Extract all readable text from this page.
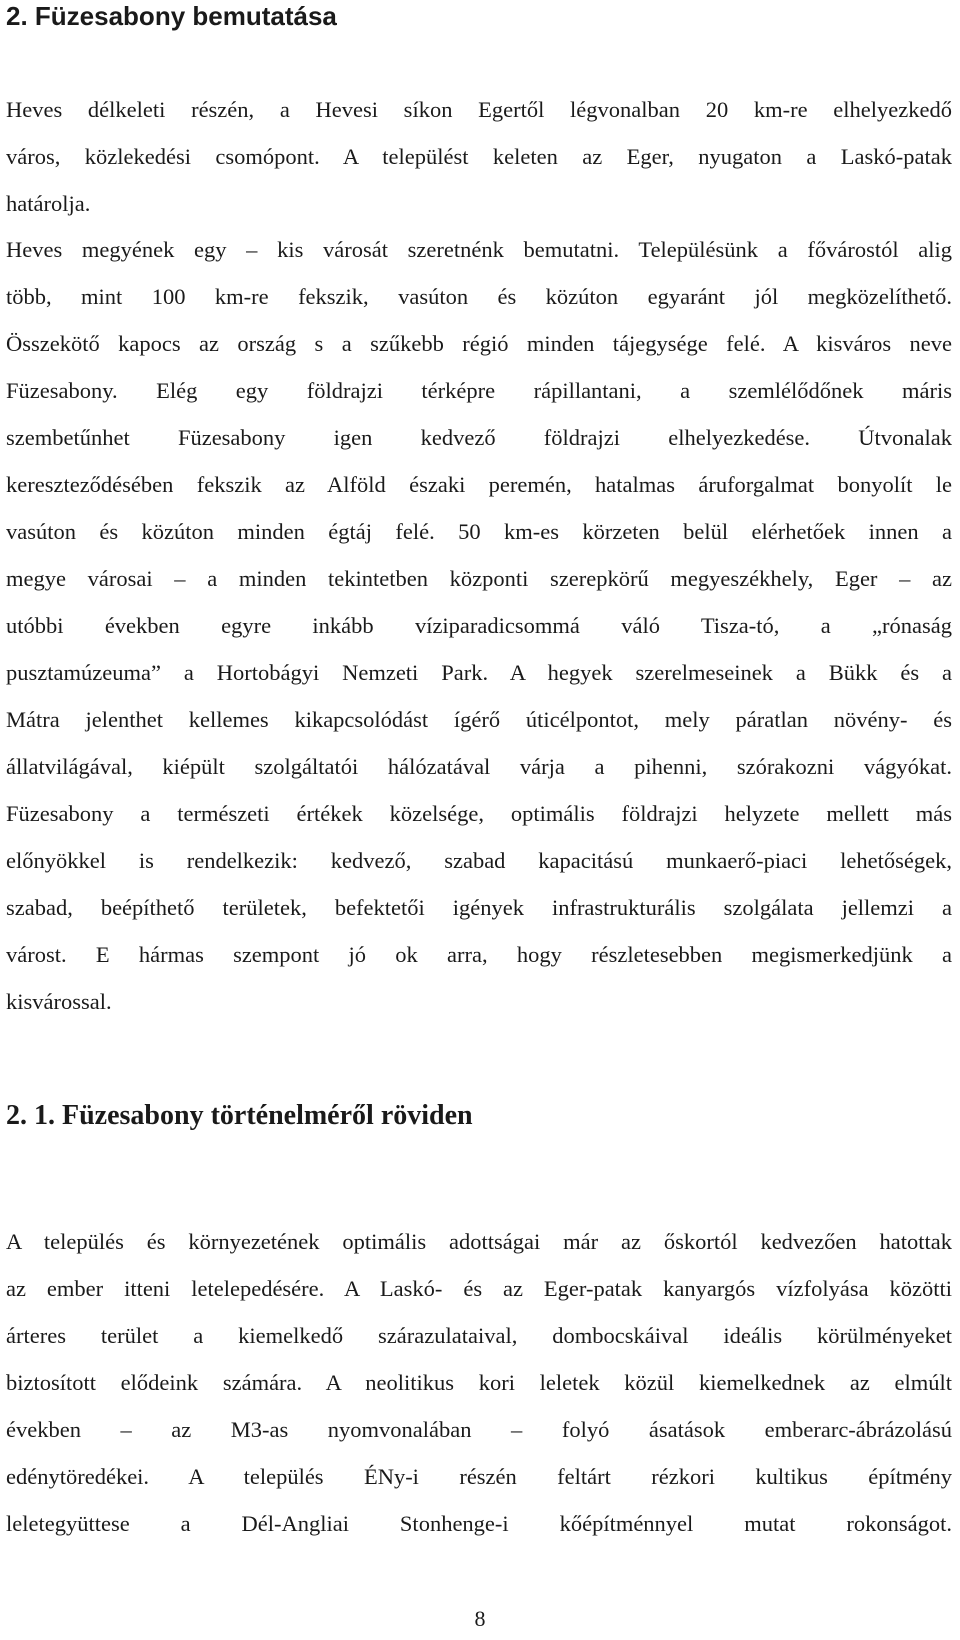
2. Füzesabony bemutatása
Heves délkeleti részén, a Hevesi síkon Egertől légvonalban 20 km-re elhelyezkedő
város, közlekedési csomópont. A települést keleten az Eger, nyugaton a Laskó-patak
határolja.
Heves megyének egy – kis városát szeretnénk bemutatni. Településünk a fővárostól alig
több, mint 100 km-re fekszik, vasúton és közúton egyaránt jól megközelíthető.
Összekötő kapocs az ország s a szűkebb régió minden tájegysége felé. A kisváros neve
Füzesabony. Elég egy földrajzi térképre rápillantani, a szemlélődőnek máris
szembetűnhet Füzesabony igen kedvező földrajzi elhelyezkedése. Útvonalak
kereszteződésében fekszik az Alföld északi peremén, hatalmas áruforgalmat bonyolít le
vasúton és közúton minden égtáj felé. 50 km-es körzeten belül elérhetőek innen a
megye városai – a minden tekintetben központi szerepkörű megyeszékhely, Eger – az
utóbbi években egyre inkább víziparadicsommá váló Tisza-tó, a „rónaság
pusztamúzeuma” a Hortobágyi Nemzeti Park. A hegyek szerelmeseinek a Bükk és a
Mátra jelenthet kellemes kikapcsolódást ígérő úticélpontot, mely páratlan növény- és
állatvilágával, kiépült szolgáltatói hálózatával várja a pihenni, szórakozni vágyókat.
Füzesabony a természeti értékek közelsége, optimális földrajzi helyzete mellett más
előnyökkel is rendelkezik: kedvező, szabad kapacitású munkaerő-piaci lehetőségek,
szabad, beépíthető területek, befektetői igények infrastrukturális szolgálata jellemzi a
várost. E hármas szempont jó ok arra, hogy részletesebben megismerkedjünk a
kisvárossal.
2. 1. Füzesabony történelméről röviden
A település és környezetének optimális adottságai már az őskortól kedvezően hatottak
az ember itteni letelepedésére. A Laskó- és az Eger-patak kanyargós vízfolyása közötti
árteres terület a kiemelkedő szárazulataival, dombocskáival ideális körülményeket
biztosított elődeink számára. A neolitikus kori leletek közül kiemelkednek az elmúlt
években – az M3-as nyomvonalában – folyó ásatások emberarc-ábrázolású
edénytöredékei. A település ÉNy-i részén feltárt rézkori kultikus építmény
leletegyüttese a Dél-Angliai Stonhenge-i kőépítménnyel mutat rokonságot.
8
